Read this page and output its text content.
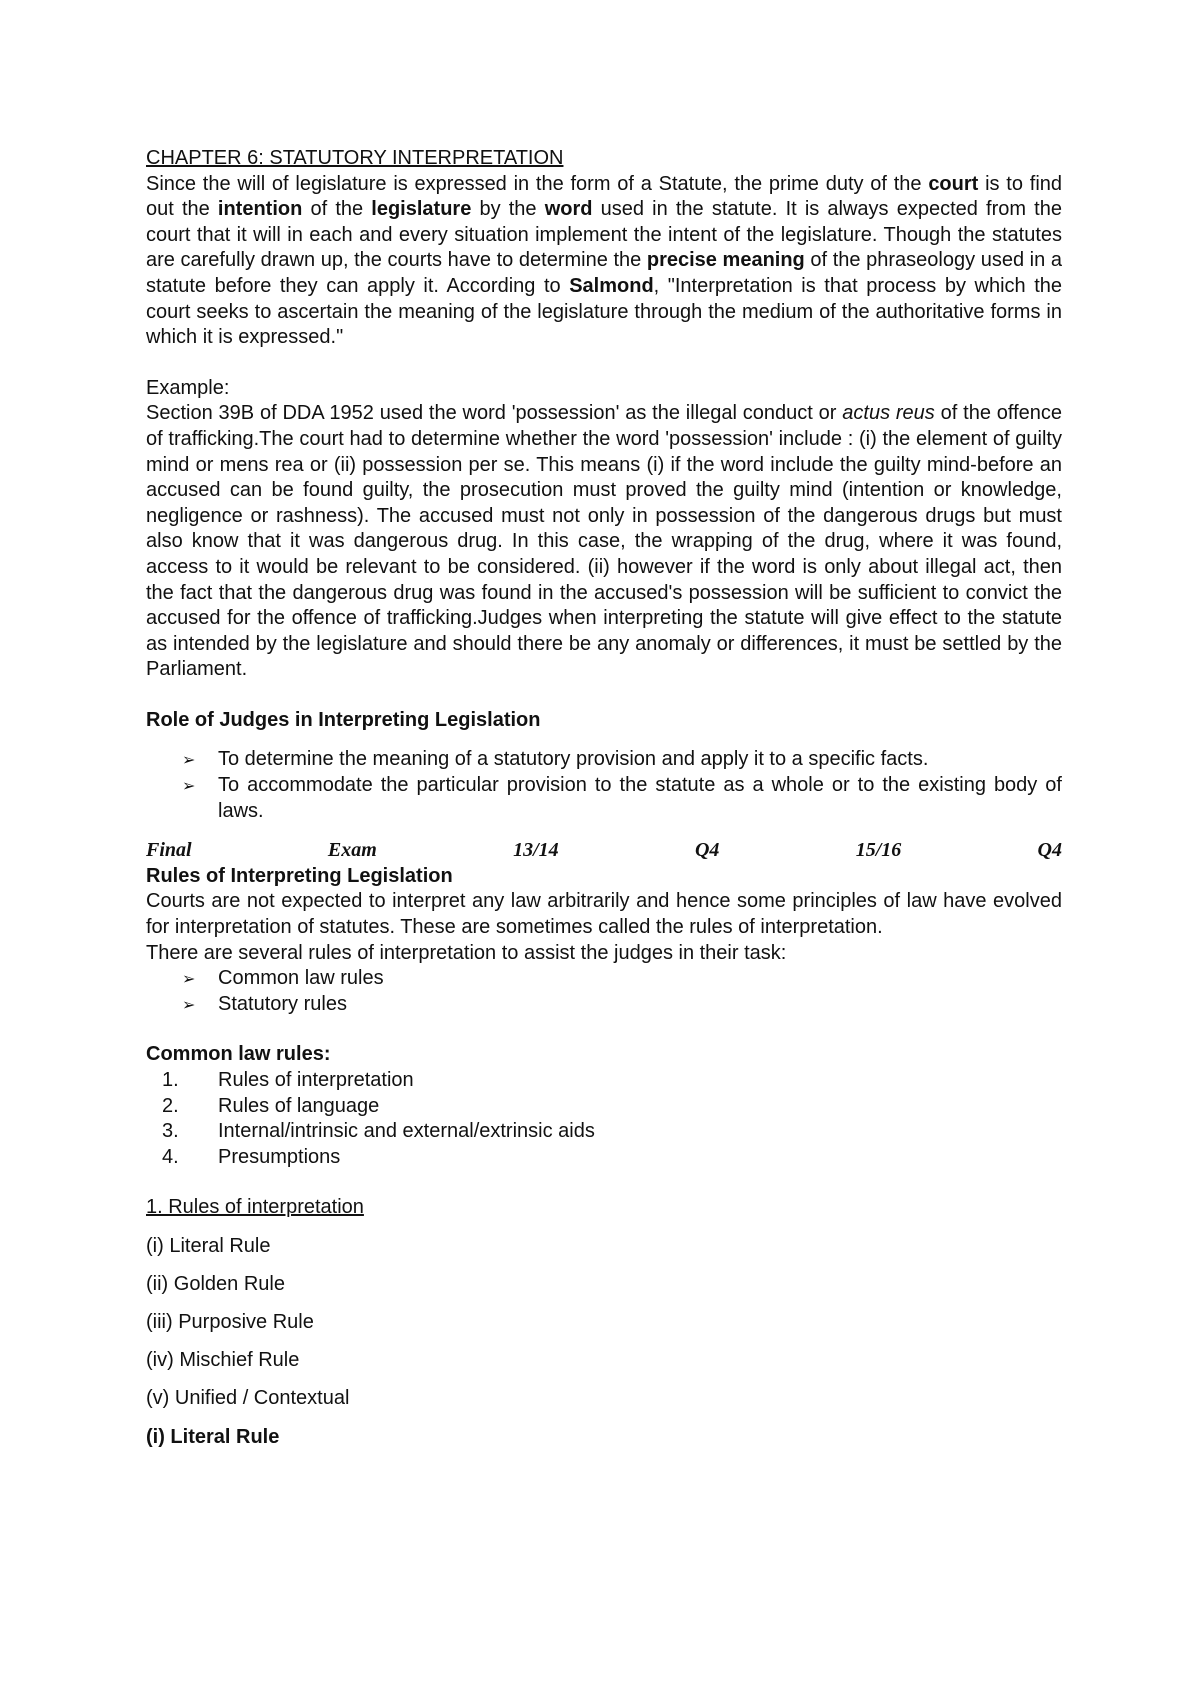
CHAPTER 6: STATUTORY INTERPRETATION

Since the will of legislature is expressed in the form of a Statute, the prime duty of the court is to find out the intention of the legislature by the word used in the statute. It is always expected from the court that it will in each and every situation implement the intent of the legislature. Though the statutes are carefully drawn up, the courts have to determine the precise meaning of the phraseology used in a statute before they can apply it. According to Salmond, "Interpretation is that process by which the court seeks to ascertain the meaning of the legislature through the medium of the authoritative forms in which it is expressed."

Example:

Section 39B of DDA 1952 used the word 'possession' as the illegal conduct or actus reus of the offence of trafficking.The court had to determine whether the word 'possession' include : (i) the element of guilty mind or mens rea or (ii) possession per se. This means (i) if the word include the guilty mind-before an accused can be found guilty, the prosecution must proved the guilty mind (intention or knowledge, negligence or rashness). The accused must not only in possession of the dangerous drugs but must also know that it was dangerous drug. In this case, the wrapping of the drug, where it was found, access to it would be relevant to be considered. (ii) however if the word is only about illegal act, then the fact that the dangerous drug was found in the accused's possession will be sufficient to convict the accused for the offence of trafficking.Judges when interpreting the statute will give effect to the statute as intended by the legislature and should there be any anomaly or differences, it must be settled by the Parliament.

Role of Judges in Interpreting Legislation

➢ To determine the meaning of a statutory provision and apply it to a specific facts.
➢ To accommodate the particular provision to the statute as a whole or to the existing body of laws.
Final	Exam	13/14	Q4	15/16	Q4

Rules of Interpreting Legislation

Courts are not expected to interpret any law arbitrarily and hence some principles of law have evolved for interpretation of statutes. These are sometimes called the rules of interpretation.

There are several rules of interpretation to assist the judges in their task:

➢ Common law rules
➢ Statutory rules

Common law rules:

1. Rules of interpretation
2. Rules of language
3. Internal/intrinsic and external/extrinsic aids
4. Presumptions

1. Rules of interpretation

(i) Literal Rule

(ii) Golden Rule

(iii) Purposive Rule

(iv) Mischief Rule

(v) Unified / Contextual

(i) Literal Rule
